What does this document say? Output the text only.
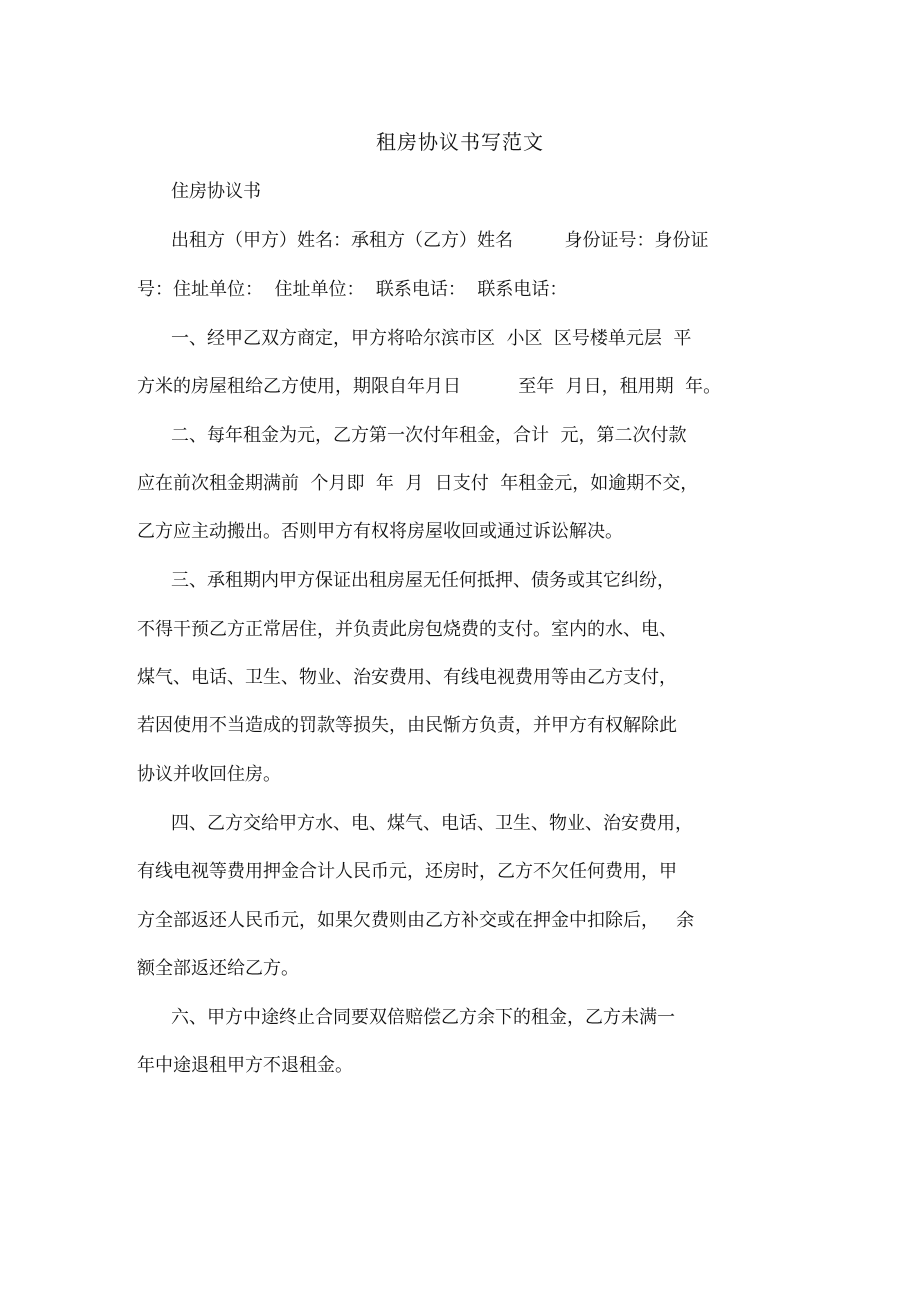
租房协议书写范文
住房协议书
出租方（甲方）姓名：承租方（乙方）姓名         身份证号：身份证
号：住址单位：  住址单位：  联系电话：  联系电话：
一、经甲乙双方商定，甲方将哈尔滨市区  小区  区号楼单元层  平
方米的房屋租给乙方使用，期限自年月日          至年  月日，租用期  年。
二、每年租金为元，乙方第一次付年租金，合计  元，第二次付款
应在前次租金期满前  个月即  年  月  日支付  年租金元，如逾期不交，
乙方应主动搬出。否则甲方有权将房屋收回或通过诉讼解决。
三、承租期内甲方保证出租房屋无任何抵押、债务或其它纠纷，
不得干预乙方正常居住，并负责此房包烧费的支付。室内的水、电、
煤气、电话、卫生、物业、治安费用、有线电视费用等由乙方支付，
若因使用不当造成的罚款等损失，由民惭方负责，并甲方有权解除此
协议并收回住房。
四、乙方交给甲方水、电、煤气、电话、卫生、物业、治安费用，
有线电视等费用押金合计人民币元，还房时，乙方不欠任何费用，甲
方全部返还人民币元，如果欠费则由乙方补交或在押金中扣除后，   余
额全部返还给乙方。
六、甲方中途终止合同要双倍赔偿乙方余下的租金，乙方未满一
年中途退租甲方不退租金。
